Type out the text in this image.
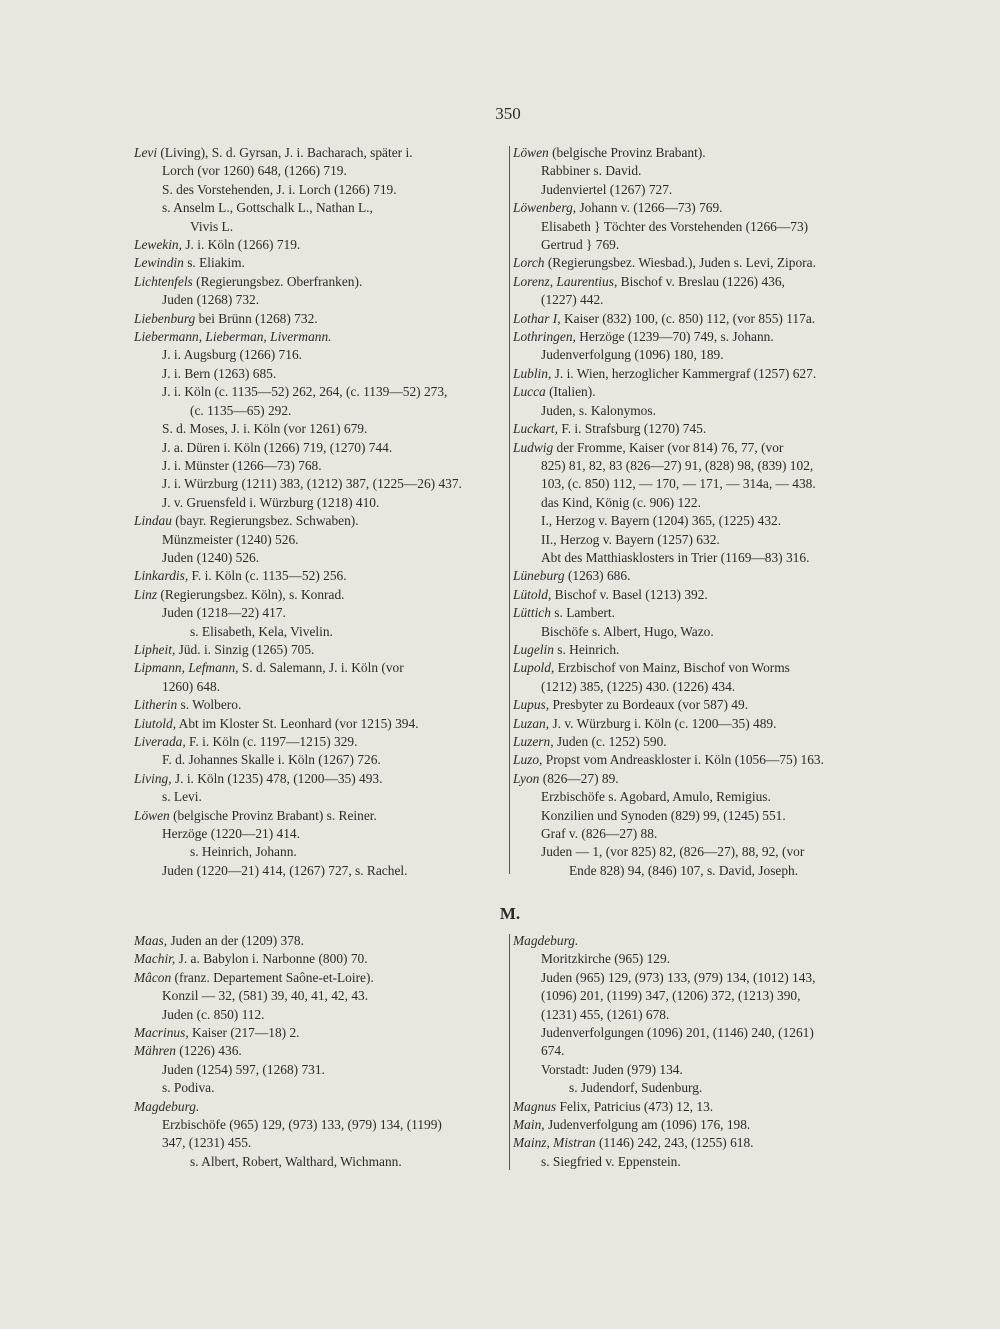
350
Levi (Living), S. d. Gyrsan, J. i. Bacharach, später i.
Lorch (vor 1260) 648, (1266) 719.
S. des Vorstehenden, J. i. Lorch (1266) 719.
s. Anselm L., Gottschalk L., Nathan L.,
Vivis L.
Lewekin, J. i. Köln (1266) 719.
Lewindin s. Eliakim.
Lichtenfels (Regierungsbez. Oberfranken).
Juden (1268) 732.
Liebenburg bei Brünn (1268) 732.
Liebermann, Lieberman, Livermann.
J. i. Augsburg (1266) 716.
J. i. Bern (1263) 685.
J. i. Köln (c. 1135—52) 262, 264, (c. 1139—52) 273,
(c. 1135—65) 292.
S. d. Moses, J. i. Köln (vor 1261) 679.
J. a. Düren i. Köln (1266) 719, (1270) 744.
J. i. Münster (1266—73) 768.
J. i. Würzburg (1211) 383, (1212) 387, (1225—26) 437.
J. v. Gruensfeld i. Würzburg (1218) 410.
Lindau (bayr. Regierungsbez. Schwaben).
Münzmeister (1240) 526.
Juden (1240) 526.
Linkardis, F. i. Köln (c. 1135—52) 256.
Linz (Regierungsbez. Köln), s. Konrad.
Juden (1218—22) 417.
s. Elisabeth, Kela, Vivelin.
Lipheit, Jüd. i. Sinzig (1265) 705.
Lipmann, Lefmann, S. d. Salemann, J. i. Köln (vor
1260) 648.
Litherin s. Wolbero.
Liutold, Abt im Kloster St. Leonhard (vor 1215) 394.
Liverada, F. i. Köln (c. 1197—1215) 329.
F. d. Johannes Skalle i. Köln (1267) 726.
Living, J. i. Köln (1235) 478, (1200—35) 493.
s. Levi.
Löwen (belgische Provinz Brabant) s. Reiner.
Herzöge (1220—21) 414.
s. Heinrich, Johann.
Juden (1220—21) 414, (1267) 727, s. Rachel.
Löwen (belgische Provinz Brabant).
Rabbiner s. David.
Judenviertel (1267) 727.
Löwenberg, Johann v. (1266—73) 769.
Elisabeth } Töchter des Vorstehenden (1266—73)
Gertrud } 769.
Lorch (Regierungsbez. Wiesbad.), Juden s. Levi, Zipora.
Lorenz, Laurentius, Bischof v. Breslau (1226) 436,
(1227) 442.
Lothar I, Kaiser (832) 100, (c. 850) 112, (vor 855) 117a.
Lothringen, Herzöge (1239—70) 749, s. Johann.
Judenverfolgung (1096) 180, 189.
Lublin, J. i. Wien, herzoglicher Kammergraf (1257) 627.
Lucca (Italien).
Juden, s. Kalonymos.
Luckart, F. i. Strafsburg (1270) 745.
Ludwig der Fromme, Kaiser (vor 814) 76, 77, (vor
825) 81, 82, 83 (826—27) 91, (828) 98, (839) 102,
103, (c. 850) 112, — 170, — 171, — 314a, — 438.
das Kind, König (c. 906) 122.
I., Herzog v. Bayern (1204) 365, (1225) 432.
II., Herzog v. Bayern (1257) 632.
Abt des Matthiasklosters in Trier (1169—83) 316.
Lüneburg (1263) 686.
Lütold, Bischof v. Basel (1213) 392.
Lüttich s. Lambert.
Bischöfe s. Albert, Hugo, Wazo.
Lugelin s. Heinrich.
Lupold, Erzbischof von Mainz, Bischof von Worms
(1212) 385, (1225) 430. (1226) 434.
Lupus, Presbyter zu Bordeaux (vor 587) 49.
Luzan, J. v. Würzburg i. Köln (c. 1200—35) 489.
Luzern, Juden (c. 1252) 590.
Luzo, Propst vom Andreaskloster i. Köln (1056—75) 163.
Lyon (826—27) 89.
Erzbischöfe s. Agobard, Amulo, Remigius.
Konzilien und Synoden (829) 99, (1245) 551.
Graf v. (826—27) 88.
Juden — 1, (vor 825) 82, (826—27), 88, 92, (vor
Ende 828) 94, (846) 107, s. David, Joseph.
M.
Maas, Juden an der (1209) 378.
Machir, J. a. Babylon i. Narbonne (800) 70.
Mâcon (franz. Departement Saône-et-Loire).
Konzil — 32, (581) 39, 40, 41, 42, 43.
Juden (c. 850) 112.
Macrinus, Kaiser (217—18) 2.
Mähren (1226) 436.
Juden (1254) 597, (1268) 731.
s. Podiva.
Magdeburg.
Erzbischöfe (965) 129, (973) 133, (979) 134, (1199)
347, (1231) 455.
s. Albert, Robert, Walthard, Wichmann.
Magdeburg.
Moritzkirche (965) 129.
Juden (965) 129, (973) 133, (979) 134, (1012) 143,
(1096) 201, (1199) 347, (1206) 372, (1213) 390,
(1231) 455, (1261) 678.
Judenverfolgungen (1096) 201, (1146) 240, (1261)
674.
Vorstadt: Juden (979) 134.
s. Judendorf, Sudenburg.
Magnus Felix, Patricius (473) 12, 13.
Main, Judenverfolgung am (1096) 176, 198.
Mainz, Mistran (1146) 242, 243, (1255) 618.
s. Siegfried v. Eppenstein.
